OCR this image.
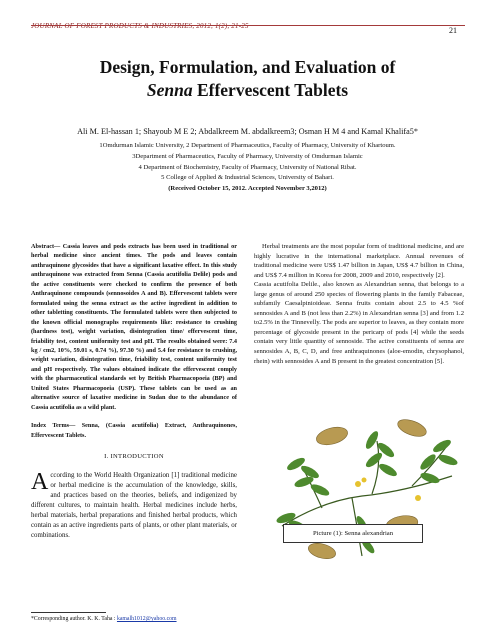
JOURNAL OF FOREST PRODUCTS & INDUSTRIES, 2012, 1(2), 21-25	21
Design, Formulation, and Evaluation of
Senna Effervescent Tablets
Ali M. El-hassan 1; Shayoub M E 2; Abdalkreem M. abdalkreem3; Osman H M 4 and Kamal Khalifa5*
1Omdurman Islamic University, 2 Department of Pharmaceutics, Faculty of Pharmacy, University of Khartoum.
3Department of Pharmaceutics, Faculty of Pharmacy, University of Omdurman Islamic
4 Department of Biochemistry, Faculty of Pharmacy, University of National Ribat.
5 College of Applied & Industrial Sciences, University of Bahari.
(Received October 15, 2012. Accepted November 3,2012)
Abstract— Cassia leaves and pods extracts has been used in traditional or herbal medicine since ancient times. The pods and leaves contain anthraquinone glycosides that have a significant laxative effect. In this study anthraquinone was extracted from Senna (Cassia acutifolia Delile) pods and the active constituents were checked to confirm the presence of both Anthraquinone compounds (sennosoides A and B). Effervescent tablets were formulated using the senna extract as the active ingredient in addition to other tabletting constituents. The formulated tablets were then subjected to the known official monographs requirements like: resistance to crushing (hardness test), weight variation, disintegration time/ effervescent time, friability test, content uniformity test and pH. The results obtained were: 7.4 kg / cm2, 10%, 59.01 s, 0.74 %), 97.30 %) and 5.4 for resistance to crushing, weight variation, disintegration time, friability test, content uniformity test and pH respectively. The values obtained indicate the effervescent comply with the pharmaceutical standards set by British Pharmacopoeia (BP) and United States Pharmacopoeia (USP). These tablets can be used as an alternative source of laxative medicine in Sudan due to the abundance of Cassia acutifolia as a wild plant.
Index Terms— Senna, (Cassia acutifolia) Extract, Anthraquinones, Effervescent Tablets.
I. INTRODUCTION
According to the World Health Organization [1] traditional medicine or herbal medicine is the accumulation of the knowledge, skills, and practices based on the theories, beliefs, and indigenized by different cultures, to maintain health. Herbal medicines include herbs, herbal materials, herbal preparations and finished herbal products, which contain as an active ingredients parts of plants, or other plant materials, or combinations.

Herbal treatments are the most popular form of traditional medicine, and are highly lucrative in the international marketplace. Annual revenues of traditional medicine were US$ 1.47 billion in Japan, US$ 4.7 billion in China, and US$ 7.4 million in Korea for 2008, 2009 and 2010, respectively [2].

Cassia acutifolia Delile., also known as Alexandrian senna, that belongs to a large genus of around 250 species of flowering plants in the family Fabaceae, subfamily Caesalpinioideae. Senna fruits contain about 2.5 to 4.5 %of sennosides A and B (not less than 2.2%) in Alexandrian senna [3] and from 1.2 to2.5% in the Tinnevelly. The pods are superior to leaves, as they contain more percentage of glycoside present in the pericarp of pods [4] while the seeds contain very little quantity of sennoside. The active constituents of senna are sennosides A, B, C, D, and free anthraquinones (aloe-emodin, chrysophanol, rhein) with sennosides A and B present in the greatest concentration [5].

Picture (1): Senna alexandrian
*Corresponding author. K. K. Taha : kamalh1012@yahoo.com
